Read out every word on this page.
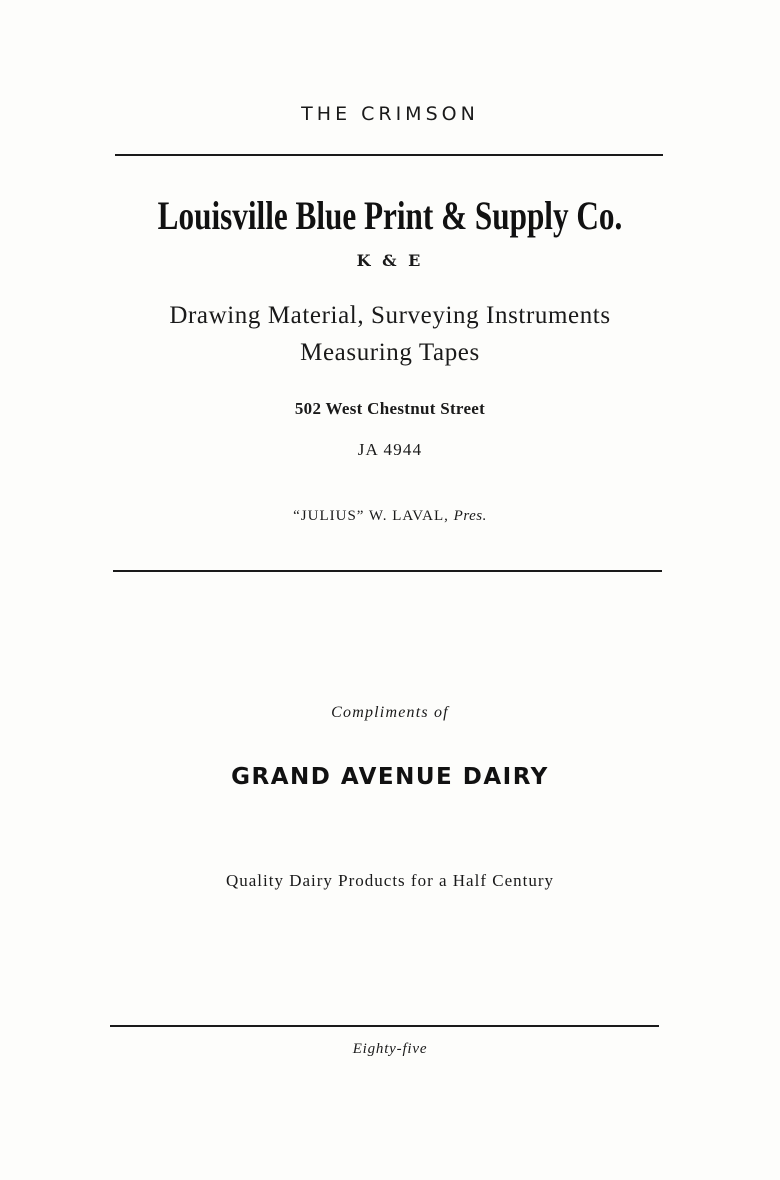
THE CRIMSON
Louisville Blue Print & Supply Co.
K & E
Drawing Material, Surveying Instruments
Measuring Tapes
502 West Chestnut Street
JA 4944
“JULIUS” W. LAVAL, Pres.
Compliments of
GRAND AVENUE DAIRY
Quality Dairy Products for a Half Century
Eighty-five
